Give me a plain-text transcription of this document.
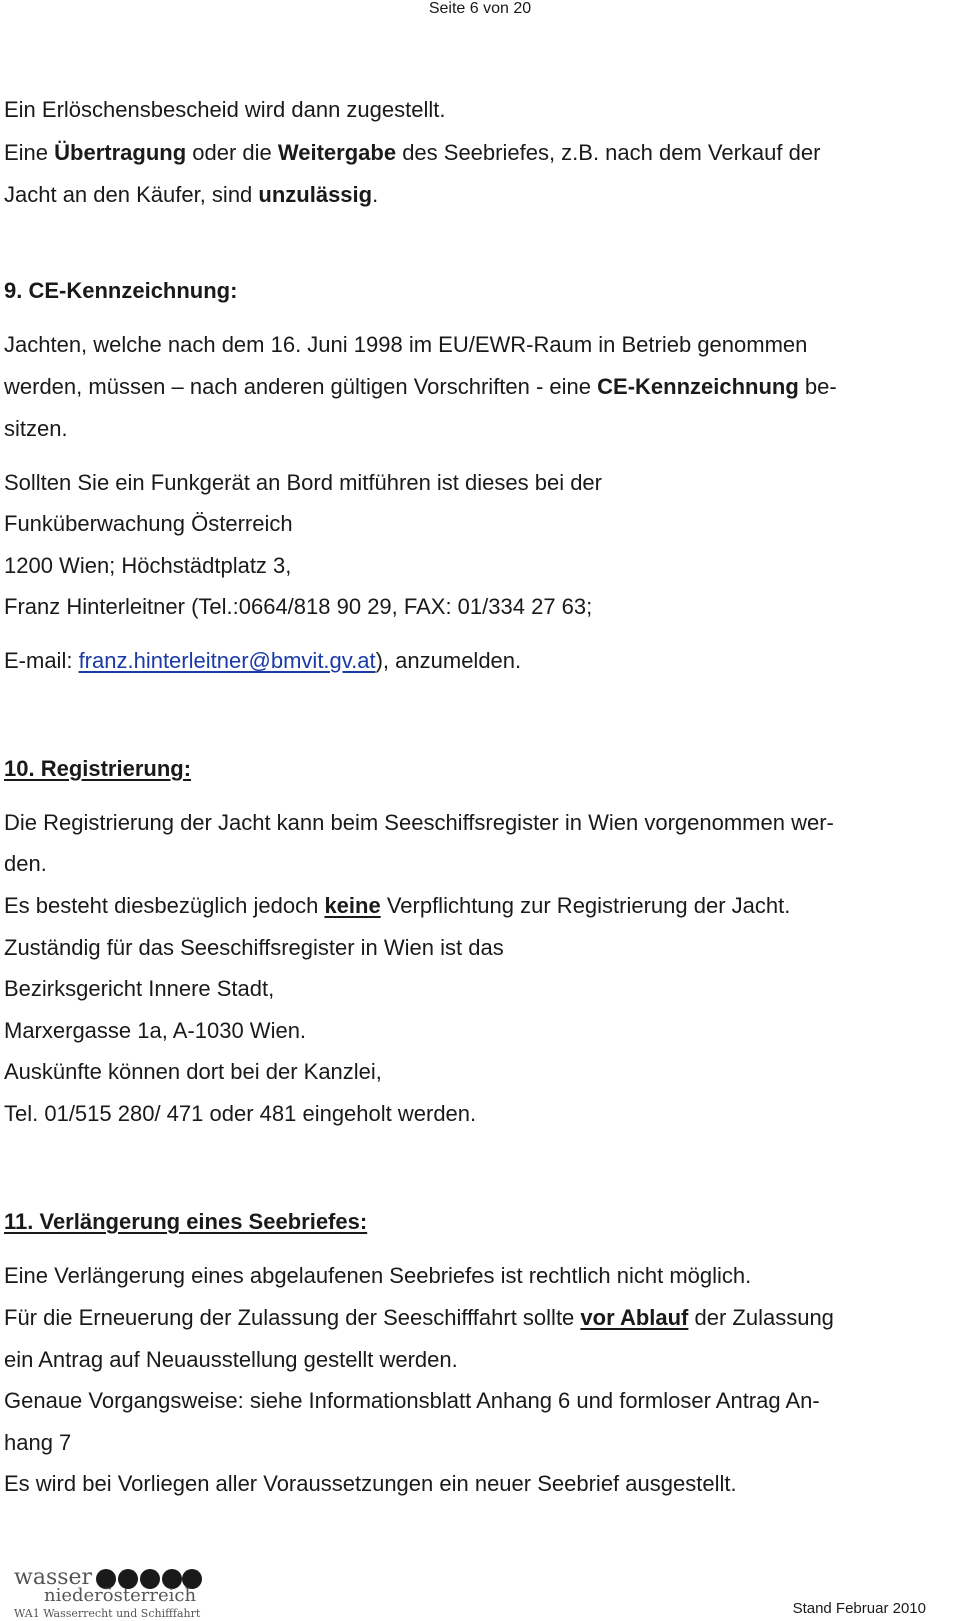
Seite 6 von 20
Ein Erlöschensbescheid wird dann zugestellt.
Eine Übertragung oder die Weitergabe des Seebriefes, z.B. nach dem Verkauf der
Jacht an den Käufer, sind unzulässig.
9. CE-Kennzeichnung:
Jachten, welche nach dem 16. Juni 1998 im EU/EWR-Raum in Betrieb genommen
werden, müssen – nach anderen gültigen Vorschriften - eine CE-Kennzeichnung be-
sitzen.
Sollten Sie ein Funkgerät an Bord mitführen ist dieses bei der
Funküberwachung Österreich
1200 Wien; Höchstädtplatz 3,
Franz Hinterleitner (Tel.:0664/818 90 29, FAX: 01/334 27 63;
E-mail: franz.hinterleitner@bmvit.gv.at), anzumelden.
10. Registrierung:
Die Registrierung der Jacht kann beim Seeschiffsregister in Wien vorgenommen wer-
den.
Es besteht diesbezüglich jedoch keine Verpflichtung zur Registrierung der Jacht.
Zuständig für das Seeschiffsregister in Wien ist das
Bezirksgericht Innere Stadt,
Marxergasse 1a, A-1030 Wien.
Auskünfte können dort bei der Kanzlei,
Tel. 01/515 280/ 471 oder 481 eingeholt werden.
11. Verlängerung eines Seebriefes:
Eine Verlängerung eines abgelaufenen Seebriefes ist rechtlich nicht möglich.
Für die Erneuerung der Zulassung der Seeschifffahrt sollte vor Ablauf der Zulassung
ein Antrag auf Neuausstellung gestellt werden.
Genaue Vorgangsweise: siehe Informationsblatt Anhang 6 und formloser Antrag An-
hang 7
Es wird bei Vorliegen aller Voraussetzungen ein neuer Seebrief ausgestellt.
wasser
niederösterreich
WA1 Wasserrecht und Schifffahrt	Stand Februar 2010
